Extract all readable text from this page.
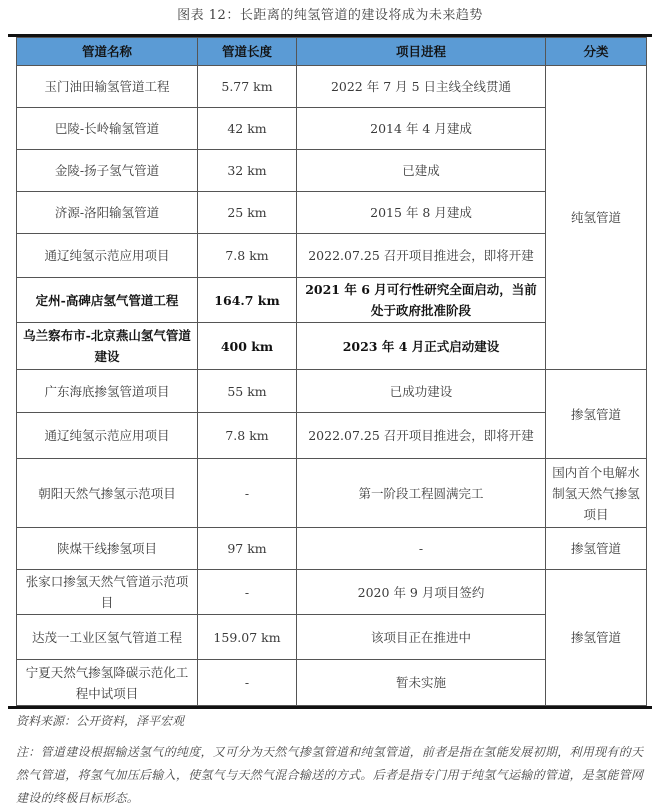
图表 12：长距离的纯氢管道的建设将成为未来趋势
管道名称	管道长度	项目进程	分类
玉门油田输氢管道工程	5.77 km	2022 年 7 月 5 日主线全线贯通	纯氢管道
巴陵-长岭输氢管道	42 km	2014 年 4 月建成	
金陵-扬子氢气管道	32 km	已建成	
济源-洛阳输氢管道	25 km	2015 年 8 月建成	
通辽纯氢示范应用项目	7.8 km	2022.07.25 召开项目推进会，即将开建	
定州-高碑店氢气管道工程	164.7 km	2021 年 6 月可行性研究全面启动，当前处于政府批准阶段	
乌兰察布市-北京燕山氢气管道建设	400 km	2023 年 4 月正式启动建设	
广东海底掺氢管道项目	55 km	已成功建设	掺氢管道
通辽纯氢示范应用项目	7.8 km	2022.07.25 召开项目推进会，即将开建	
朝阳天然气掺氢示范项目	-	第一阶段工程圆满完工	国内首个电解水制氢天然气掺氢项目
陕煤干线掺氢项目	97 km	-	掺氢管道
张家口掺氢天然气管道示范项目	-	2020 年 9 月项目签约	掺氢管道
达茂一工业区氢气管道工程	159.07 km	该项目正在推进中	
宁夏天然气掺氢降碳示范化工程中试项目	-	暂未实施	
资料来源：公开资料，泽平宏观
注：管道建设根据输送氢气的纯度，又可分为天然气掺氢管道和纯氢管道，前者是指在氢能发展初期，利用现有的天然气管道，将氢气加压后输入，使氢气与天然气混合输送的方式。后者是指专门用于纯氢气运输的管道，是氢能管网建设的终极目标形态。
